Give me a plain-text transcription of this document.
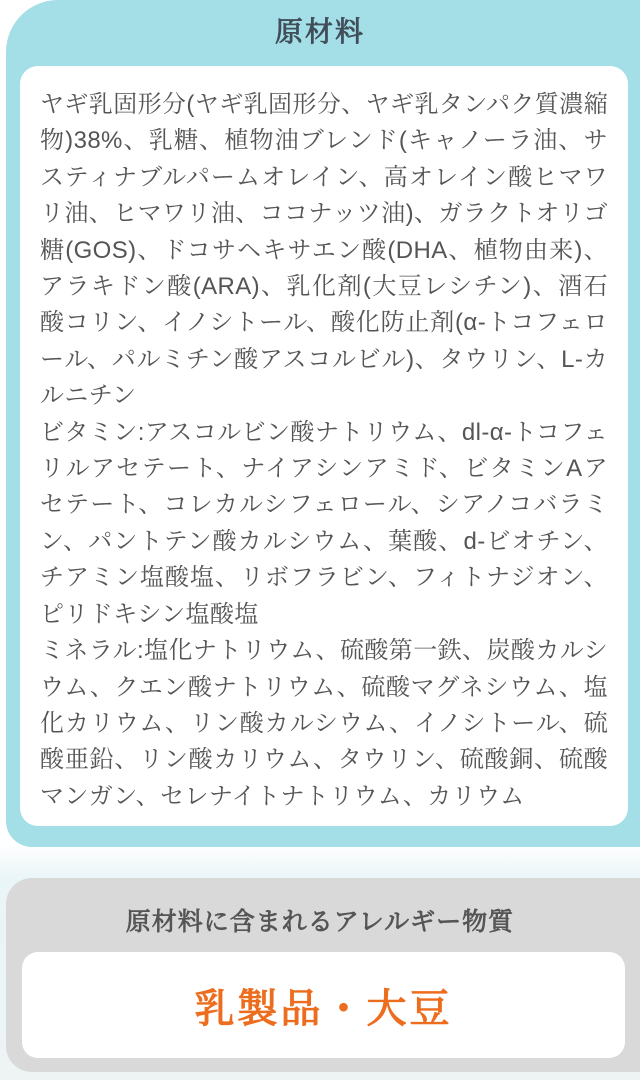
原材料

ヤギ乳固形分(ヤギ乳固形分、ヤギ乳タンパク質濃縮物)38%、乳糖、植物油ブレンド(キャノーラ油、サスティナブルパームオレイン、高オレイン酸ヒマワリ油、ヒマワリ油、ココナッツ油)、ガラクトオリゴ糖(GOS)、ドコサヘキサエン酸(DHA、植物由来)、アラキドン酸(ARA)、乳化剤(大豆レシチン)、酒石酸コリン、イノシトール、酸化防止剤(α-トコフェロール、パルミチン酸アスコルビル)、タウリン、L-カルニチン

ビタミン:アスコルビン酸ナトリウム、dl-α-トコフェリルアセテート、ナイアシンアミド、ビタミンAアセテート、コレカルシフェロール、シアノコバラミン、パントテン酸カルシウム、葉酸、d-ビオチン、チアミン塩酸塩、リボフラビン、フィトナジオン、ピリドキシン塩酸塩

ミネラル:塩化ナトリウム、硫酸第一鉄、炭酸カルシウム、クエン酸ナトリウム、硫酸マグネシウム、塩化カリウム、リン酸カルシウム、イノシトール、硫酸亜鉛、リン酸カリウム、タウリン、硫酸銅、硫酸マンガン、セレナイトナトリウム、カリウム

原材料に含まれるアレルギー物質
乳製品・大豆
